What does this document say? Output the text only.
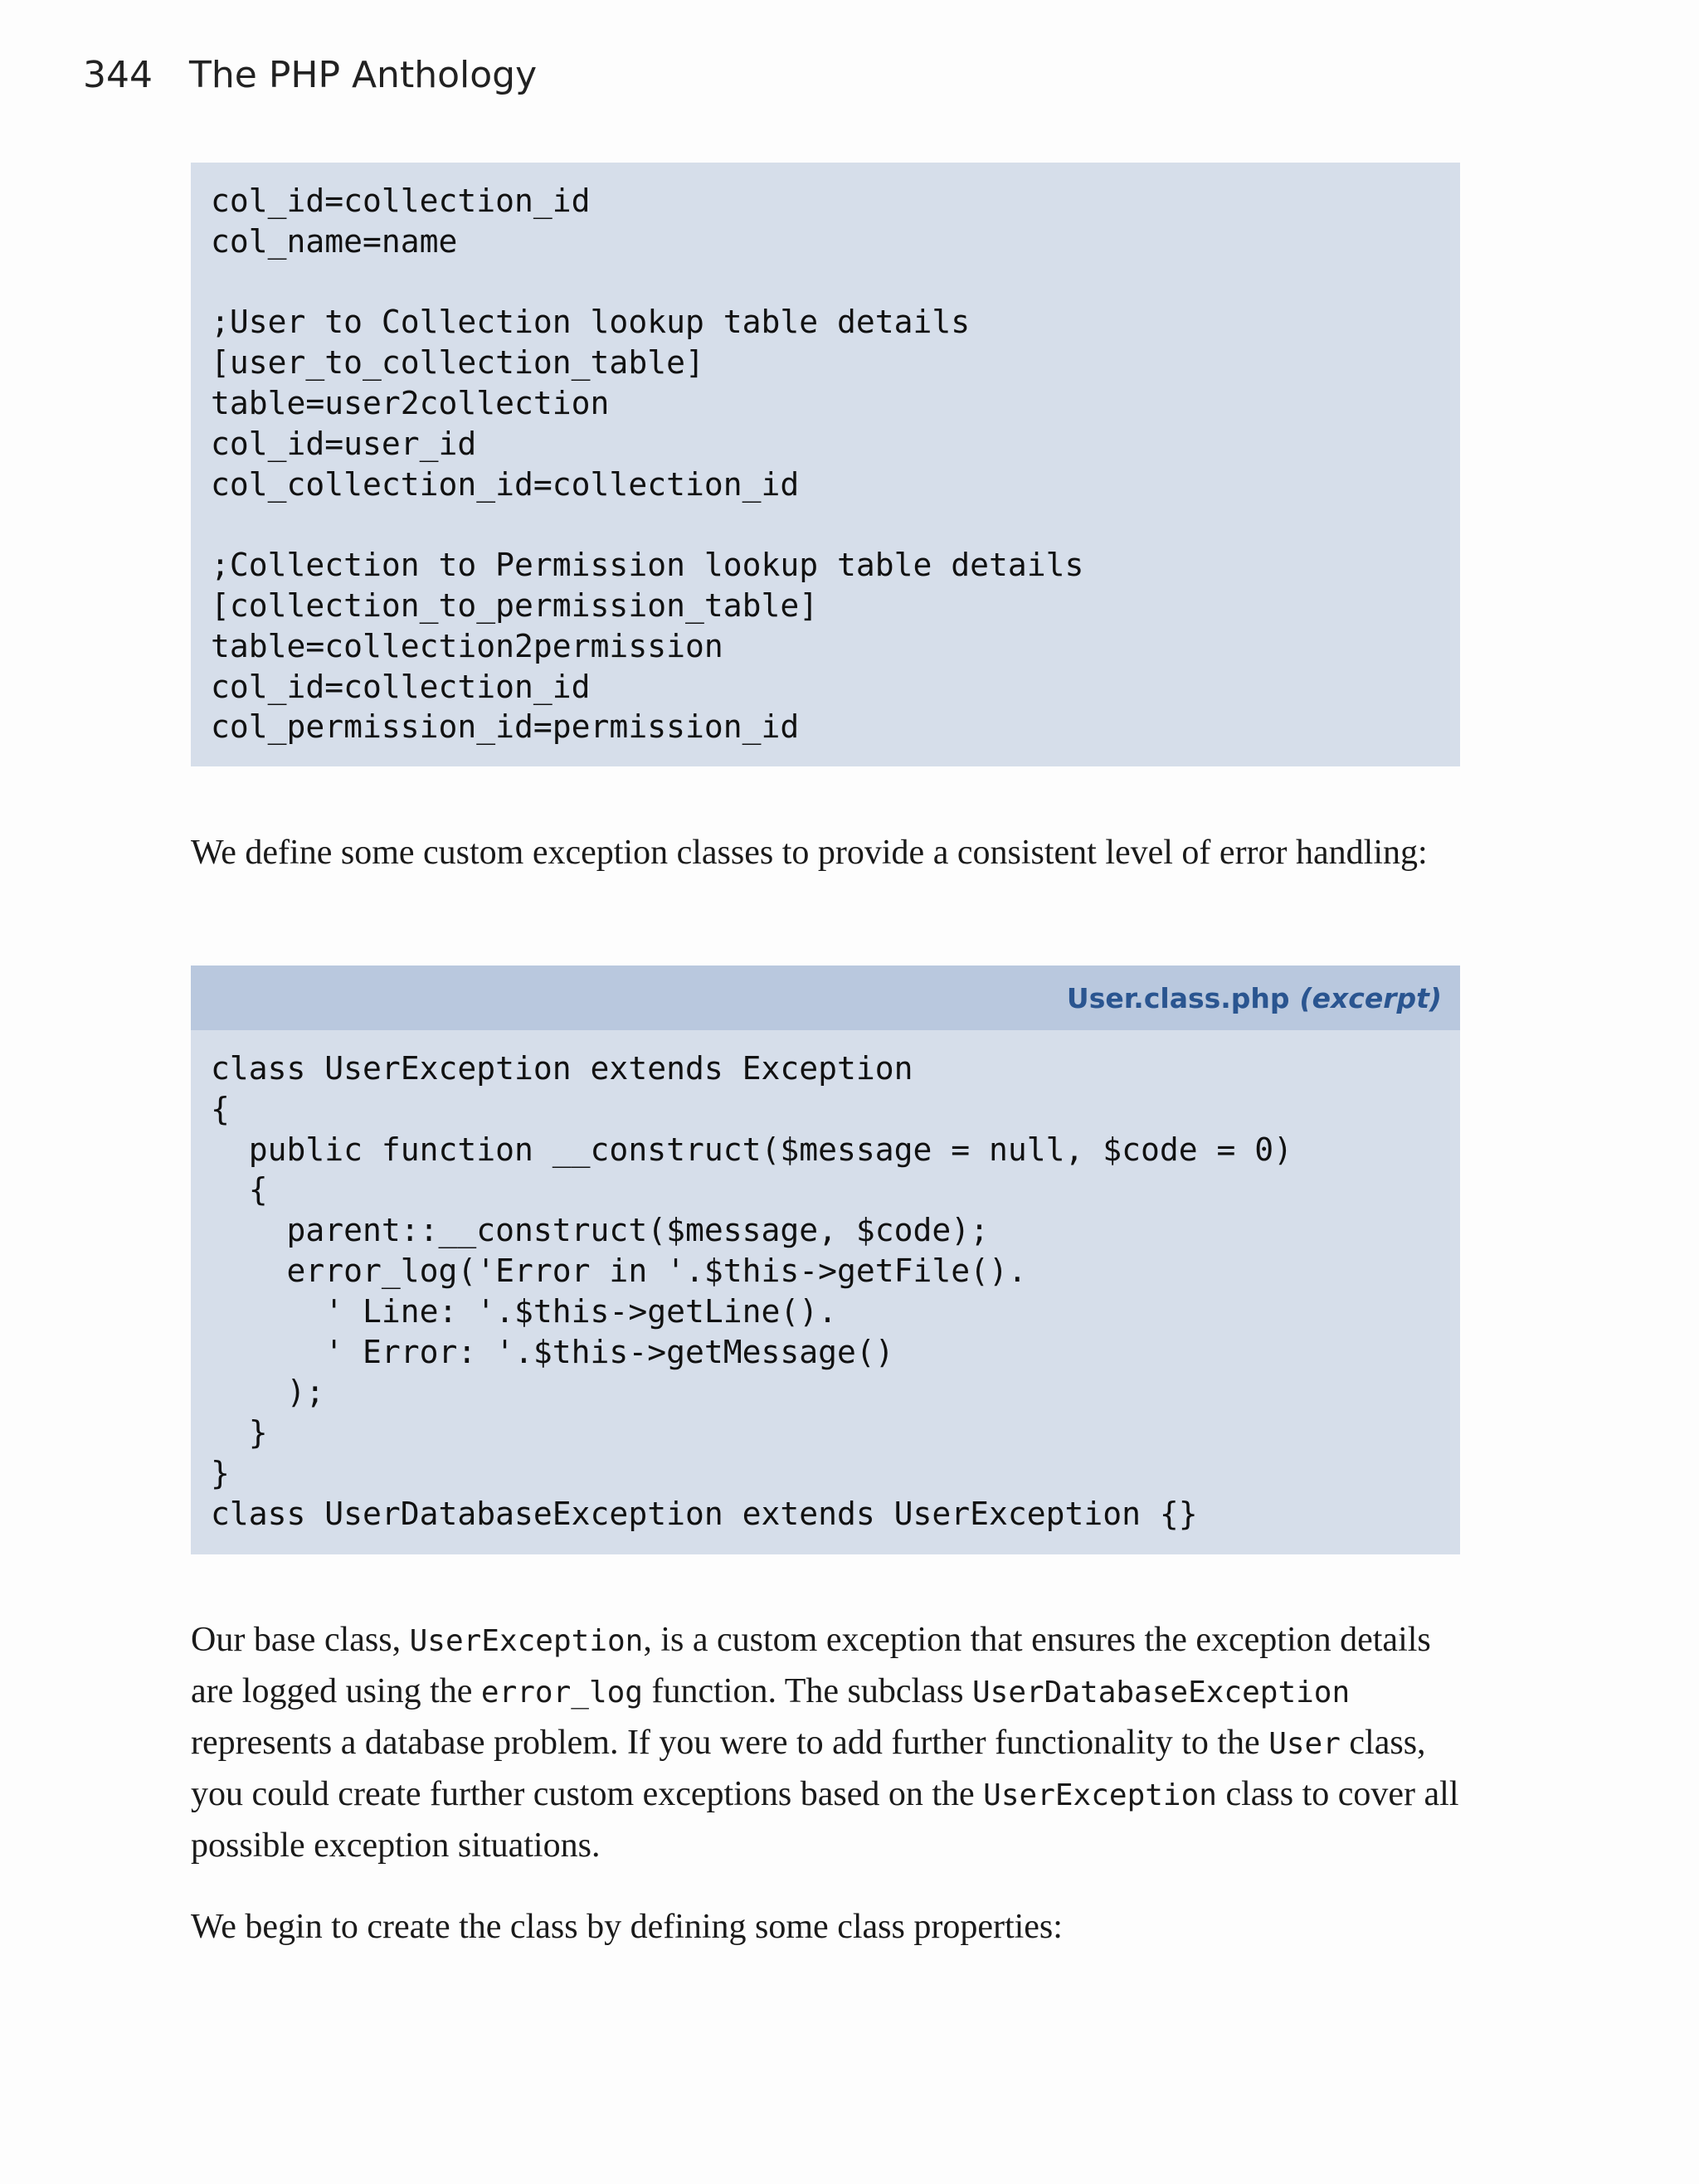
344	The PHP Anthology
col_id=collection_id
col_name=name

;User to Collection lookup table details
[user_to_collection_table]
table=user2collection
col_id=user_id
col_collection_id=collection_id

;Collection to Permission lookup table details
[collection_to_permission_table]
table=collection2permission
col_id=collection_id
col_permission_id=permission_id

We define some custom exception classes to provide a consistent level of error handling:

User.class.php (excerpt)
class UserException extends Exception
{
public function __construct($message = null, $code = 0)
{
parent::__construct($message, $code);
error_log('Error in '.$this->getFile().
' Line: '.$this->getLine().
' Error: '.$this->getMessage()
);
}
}
class UserDatabaseException extends UserException {}

Our base class, UserException, is a custom exception that ensures the exception details are logged using the error_log function. The subclass UserDatabaseException represents a database problem. If you were to add further functionality to the User class, you could create further custom exceptions based on the UserException class to cover all possible exception situations.

We begin to create the class by defining some class properties:
